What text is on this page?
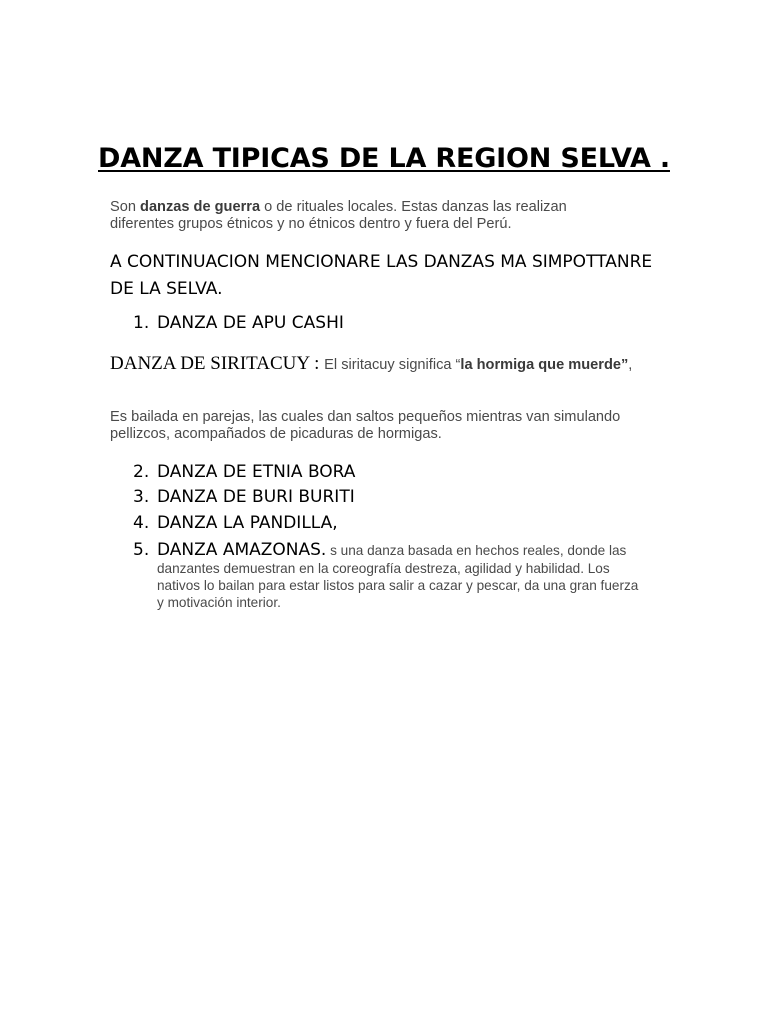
DANZA TIPICAS DE LA REGION SELVA .

Son danzas de guerra o de rituales locales. Estas danzas las realizan diferentes grupos étnicos y no étnicos dentro y fuera del Perú.

A CONTINUACION MENCIONARE LAS DANZAS MA SIMPOTTANRE DE LA SELVA.

1. DANZA DE APU CASHI

DANZA DE SIRITACUY : El siritacuy significa “la hormiga que muerde”,

Es bailada en parejas, las cuales dan saltos pequeños mientras van simulando pellizcos, acompañados de picaduras de hormigas.

2. DANZA DE ETNIA BORA
3. DANZA DE BURI BURITI
4. DANZA LA PANDILLA,
5. DANZA AMAZONAS. s una danza basada en hechos reales, donde las
danzantes demuestran en la coreografía destreza, agilidad y habilidad. Los nativos lo bailan para estar listos para salir a cazar y pescar, da una gran fuerza y motivación interior.
